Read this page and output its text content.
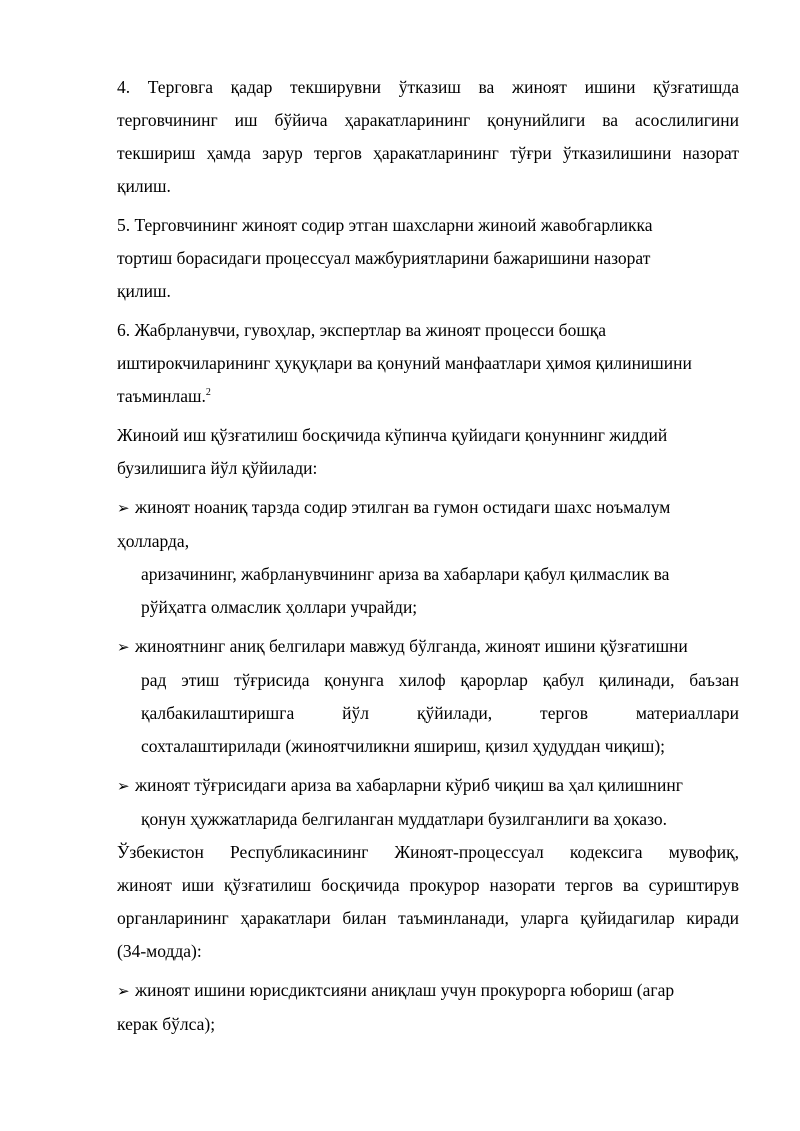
4. Терговга қадар текширувни ўтказиш ва жиноят ишини қўзғатишда

терговчининг иш бўйича ҳаракатларининг қонунийлиги ва асослилигини

текшириш ҳамда зарур тергов ҳаракатларининг тўғри ўтказилишини назорат

қилиш.

5. Терговчининг жиноят содир этган шахсларни жиноий жавобгарликка

тортиш борасидаги процессуал мажбуриятларини бажаришини назорат

қилиш.

6. Жабрланувчи, гувоҳлар, экспертлар ва жиноят процесси бошқа

иштирокчиларининг ҳуқуқлари ва қонуний манфаатлари ҳимоя қилинишини

таъминлаш.$^2$

Жиноий иш қўзғатилиш босқичида кўпинча қуйидаги қонуннинг жиддий

бузилишига йўл қўйилади:

➢ жиноят ноаниқ тарзда содир этилган ва гумон остидаги шахс ноъмалум

ҳолларда,

аризачининг, жабрланувчининг ариза ва хабарлари қабул қилмаслик ва

рўйҳатга олмаслик ҳоллари учрайди;

➢ жиноятнинг аниқ белгилари мавжуд бўлганда, жиноят ишини қўзғатишни

рад этиш тўғрисида қонунга хилоф қарорлар қабул қилинади, баъзан

қалбакилаштиришга	йўл	қўйилади,	тергов	материаллари

сохталаштирилади (жиноятчиликни яшириш, қизил ҳудуддан чиқиш);

➢ жиноят тўғрисидаги ариза ва хабарларни кўриб чиқиш ва ҳал қилишнинг

қонун ҳужжатларида белгиланган муддатлари бузилганлиги ва ҳоказо.

Ўзбекистон Республикасининг Жиноят-процессуал кодексига мувофиқ,

жиноят иши қўзғатилиш босқичида прокурор назорати тергов ва суриштирув

органларининг ҳаракатлари билан таъминланади, уларга қуйидагилар киради

(34-модда):

➢ жиноят ишини юрисдиктсияни аниқлаш учун прокурорга юбориш (агар

керак бўлса);
